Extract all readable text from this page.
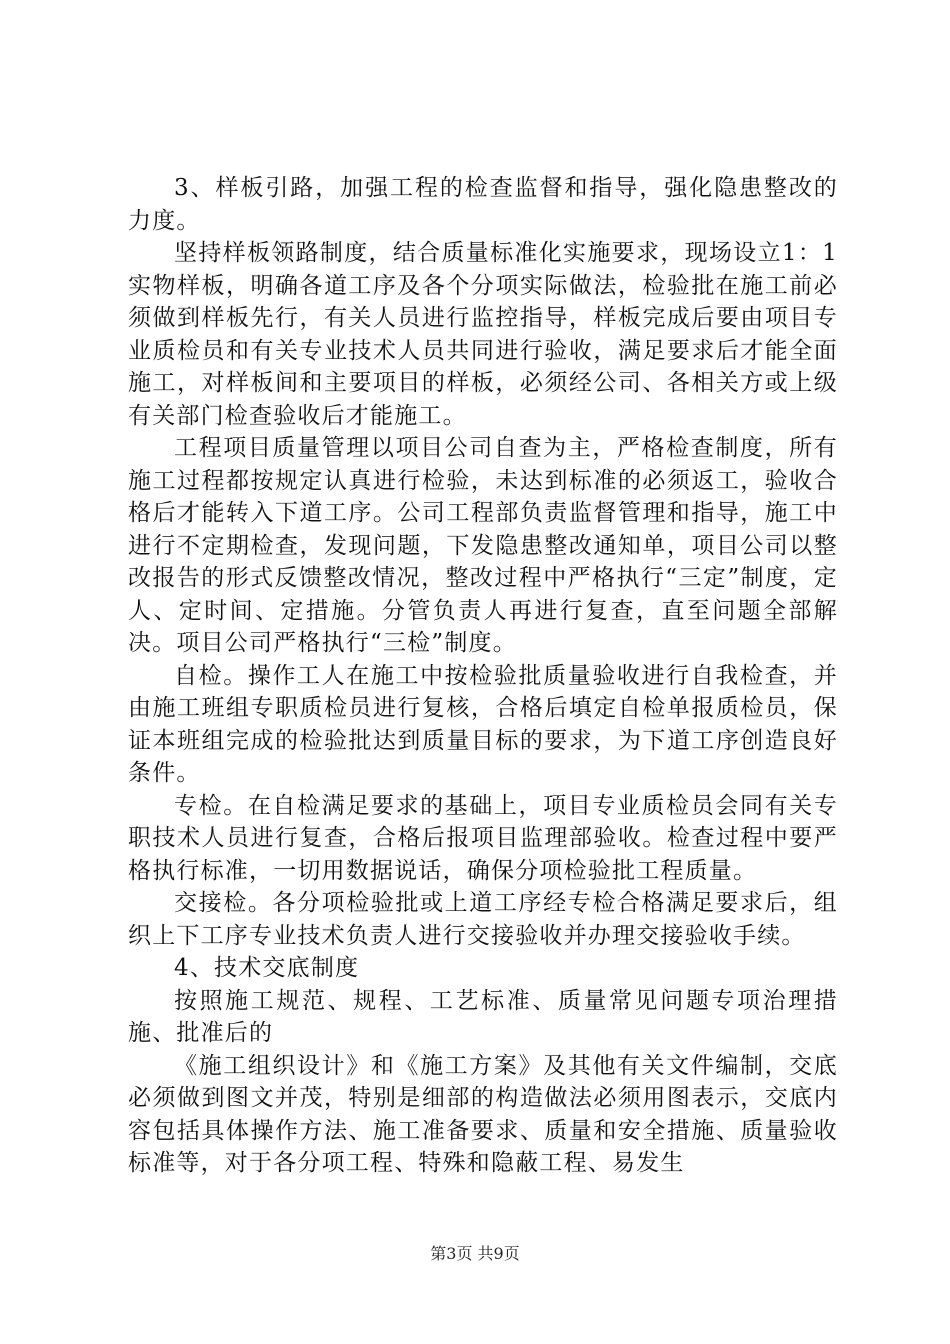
3、样板引路，加强工程的检查监督和指导，强化隐患整改的力度。

坚持样板领路制度，结合质量标准化实施要求，现场设立1：1实物样板，明确各道工序及各个分项实际做法，检验批在施工前必须做到样板先行，有关人员进行监控指导，样板完成后要由项目专业质检员和有关专业技术人员共同进行验收，满足要求后才能全面施工，对样板间和主要项目的样板，必须经公司、各相关方或上级有关部门检查验收后才能施工。

工程项目质量管理以项目公司自查为主，严格检查制度，所有施工过程都按规定认真进行检验，未达到标准的必须返工，验收合格后才能转入下道工序。公司工程部负责监督管理和指导，施工中进行不定期检查，发现问题，下发隐患整改通知单，项目公司以整改报告的形式反馈整改情况，整改过程中严格执行“三定”制度，定人、定时间、定措施。分管负责人再进行复查，直至问题全部解决。项目公司严格执行“三检”制度。

自检。操作工人在施工中按检验批质量验收进行自我检查，并由施工班组专职质检员进行复核，合格后填定自检单报质检员，保证本班组完成的检验批达到质量目标的要求，为下道工序创造良好条件。

专检。在自检满足要求的基础上，项目专业质检员会同有关专职技术人员进行复查，合格后报项目监理部验收。检查过程中要严格执行标准，一切用数据说话，确保分项检验批工程质量。

交接检。各分项检验批或上道工序经专检合格满足要求后，组织上下工序专业技术负责人进行交接验收并办理交接验收手续。

4、技术交底制度

按照施工规范、规程、工艺标准、质量常见问题专项治理措施、批准后的

《施工组织设计》和《施工方案》及其他有关文件编制，交底必须做到图文并茂，特别是细部的构造做法必须用图表示，交底内容包括具体操作方法、施工准备要求、质量和安全措施、质量验收标准等，对于各分项工程、特殊和隐蔽工程、易发生

第3页 共9页
